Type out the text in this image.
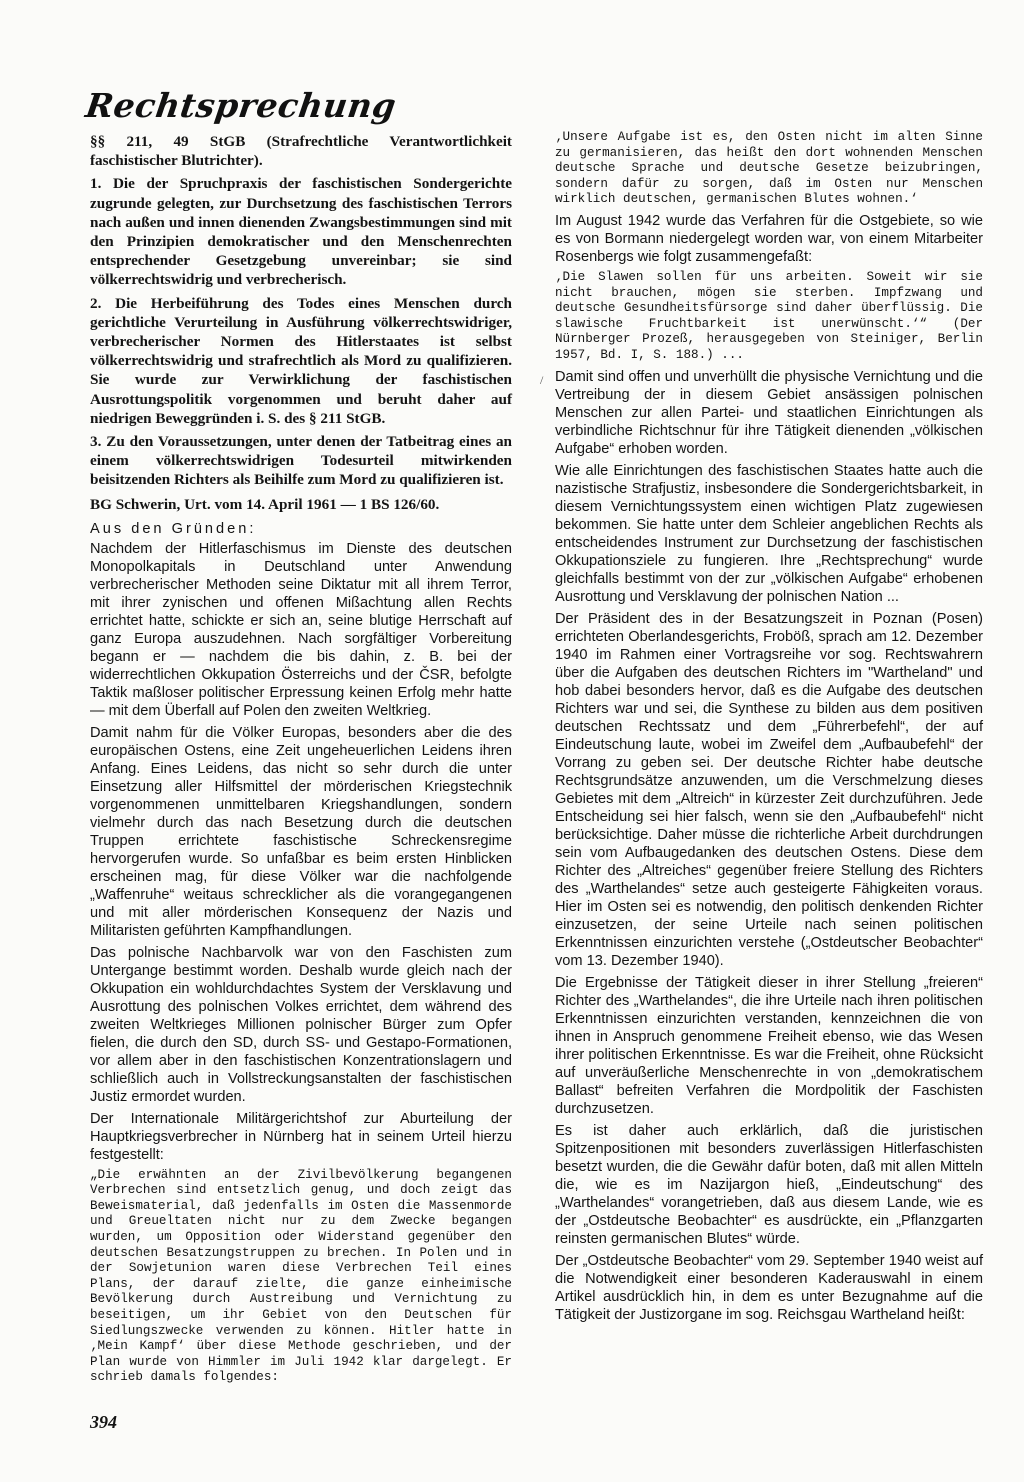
Rechtsprechung

§§ 211, 49 StGB (Strafrechtliche Verantwortlichkeit faschistischer Blutrichter).

1. Die der Spruchpraxis der faschistischen Sondergerichte zugrunde gelegten, zur Durchsetzung des faschistischen Terrors nach außen und innen dienenden Zwangsbestimmungen sind mit den Prinzipien demokratischer und den Menschenrechten entsprechender Gesetzgebung unvereinbar; sie sind völkerrechtswidrig und verbrecherisch.

2. Die Herbeiführung des Todes eines Menschen durch gerichtliche Verurteilung in Ausführung völkerrechtswidriger, verbrecherischer Normen des Hitlerstaates ist selbst völkerrechtswidrig und strafrechtlich als Mord zu qualifizieren. Sie wurde zur Verwirklichung der faschistischen Ausrottungspolitik vorgenommen und beruht daher auf niedrigen Beweggründen i. S. des § 211 StGB.

3. Zu den Voraussetzungen, unter denen der Tatbeitrag eines an einem völkerrechtswidrigen Todesurteil mitwirkenden beisitzenden Richters als Beihilfe zum Mord zu qualifizieren ist.

BG Schwerin, Urt. vom 14. April 1961 — 1 BS 126/60.
Aus den Gründen:

Nachdem der Hitlerfaschismus im Dienste des deutschen Monopolkapitals in Deutschland unter Anwendung verbrecherischer Methoden seine Diktatur mit all ihrem Terror, mit ihrer zynischen und offenen Mißachtung allen Rechts errichtet hatte, schickte er sich an, seine blutige Herrschaft auf ganz Europa auszudehnen. Nach sorgfältiger Vorbereitung begann er — nachdem die bis dahin, z. B. bei der widerrechtlichen Okkupation Österreichs und der ČSR, befolgte Taktik maßloser politischer Erpressung keinen Erfolg mehr hatte — mit dem Überfall auf Polen den zweiten Weltkrieg.

Damit nahm für die Völker Europas, besonders aber die des europäischen Ostens, eine Zeit ungeheuerlichen Leidens ihren Anfang. Eines Leidens, das nicht so sehr durch die unter Einsetzung aller Hilfsmittel der mörderischen Kriegstechnik vorgenommenen unmittelbaren Kriegshandlungen, sondern vielmehr durch das nach Besetzung durch die deutschen Truppen errichtete faschistische Schreckensregime hervorgerufen wurde. So unfaßbar es beim ersten Hinblicken erscheinen mag, für diese Völker war die nachfolgende „Waffenruhe“ weitaus schrecklicher als die vorangegangenen und mit aller mörderischen Konsequenz der Nazis und Militaristen geführten Kampfhandlungen.

Das polnische Nachbarvolk war von den Faschisten zum Untergange bestimmt worden. Deshalb wurde gleich nach der Okkupation ein wohldurchdachtes System der Versklavung und Ausrottung des polnischen Volkes errichtet, dem während des zweiten Weltkrieges Millionen polnischer Bürger zum Opfer fielen, die durch den SD, durch SS- und Gestapo-Formationen, vor allem aber in den faschistischen Konzentrationslagern und schließlich auch in Vollstreckungsanstalten der faschistischen Justiz ermordet wurden.

Der Internationale Militärgerichtshof zur Aburteilung der Hauptkriegsverbrecher in Nürnberg hat in seinem Urteil hierzu festgestellt:

„Die erwähnten an der Zivilbevölkerung begangenen Verbrechen sind entsetzlich genug, und doch zeigt das Beweismaterial, daß jedenfalls im Osten die Massenmorde und Greueltaten nicht nur zu dem Zwecke begangen wurden, um Opposition oder Widerstand gegenüber den deutschen Besatzungstruppen zu brechen. In Polen und in der Sowjetunion waren diese Verbrechen Teil eines Plans, der darauf zielte, die ganze einheimische Bevölkerung durch Austreibung und Vernichtung zu beseitigen, um ihr Gebiet von den Deutschen für Siedlungszwecke verwenden zu können. Hitler hatte in ‚Mein Kampf‘ über diese Methode geschrieben, und der Plan wurde von Himmler im Juli 1942 klar dargelegt. Er schrieb damals folgendes:

‚Unsere Aufgabe ist es, den Osten nicht im alten Sinne zu germanisieren, das heißt den dort wohnenden Menschen deutsche Sprache und deutsche Gesetze beizubringen, sondern dafür zu sorgen, daß im Osten nur Menschen wirklich deutschen, germanischen Blutes wohnen.‘

Im August 1942 wurde das Verfahren für die Ostgebiete, so wie es von Bormann niedergelegt worden war, von einem Mitarbeiter Rosenbergs wie folgt zusammengefaßt:

‚Die Slawen sollen für uns arbeiten. Soweit wir sie nicht brauchen, mögen sie sterben. Impfzwang und deutsche Gesundheitsfürsorge sind daher überflüssig. Die slawische Fruchtbarkeit ist unerwünscht.‘“ (Der Nürnberger Prozeß, herausgegeben von Steiniger, Berlin 1957, Bd. I, S. 188.) ...

Damit sind offen und unverhüllt die physische Vernichtung und die Vertreibung der in diesem Gebiet ansässigen polnischen Menschen zur allen Partei- und staatlichen Einrichtungen als verbindliche Richtschnur für ihre Tätigkeit dienenden „völkischen Aufgabe“ erhoben worden.

Wie alle Einrichtungen des faschistischen Staates hatte auch die nazistische Strafjustiz, insbesondere die Sondergerichtsbarkeit, in diesem Vernichtungssystem einen wichtigen Platz zugewiesen bekommen. Sie hatte unter dem Schleier angeblichen Rechts als entscheidendes Instrument zur Durchsetzung der faschistischen Okkupationsziele zu fungieren. Ihre „Rechtsprechung“ wurde gleichfalls bestimmt von der zur „völkischen Aufgabe“ erhobenen Ausrottung und Versklavung der polnischen Nation ...

Der Präsident des in der Besatzungszeit in Poznan (Posen) errichteten Oberlandesgerichts, Froböß, sprach am 12. Dezember 1940 im Rahmen einer Vortragsreihe vor sog. Rechtswahrern über die Aufgaben des deutschen Richters im "Wartheland" und hob dabei besonders hervor, daß es die Aufgabe des deutschen Richters war und sei, die Synthese zu bilden aus dem positiven deutschen Rechtssatz und dem „Führerbefehl“, der auf Eindeutschung laute, wobei im Zweifel dem „Aufbaubefehl“ der Vorrang zu geben sei. Der deutsche Richter habe deutsche Rechtsgrundsätze anzuwenden, um die Verschmelzung dieses Gebietes mit dem „Altreich“ in kürzester Zeit durchzuführen. Jede Entscheidung sei hier falsch, wenn sie den „Aufbaubefehl“ nicht berücksichtige. Daher müsse die richterliche Arbeit durchdrungen sein vom Aufbaugedanken des deutschen Ostens. Diese dem Richter des „Altreiches“ gegenüber freiere Stellung des Richters des „Warthelandes“ setze auch gesteigerte Fähigkeiten voraus. Hier im Osten sei es notwendig, den politisch denkenden Richter einzusetzen, der seine Urteile nach seinen politischen Erkenntnissen einzurichten verstehe („Ostdeutscher Beobachter“ vom 13. Dezember 1940).

Die Ergebnisse der Tätigkeit dieser in ihrer Stellung „freieren“ Richter des „Warthelandes“, die ihre Urteile nach ihren politischen Erkenntnissen einzurichten verstanden, kennzeichnen die von ihnen in Anspruch genommene Freiheit ebenso, wie das Wesen ihrer politischen Erkenntnisse. Es war die Freiheit, ohne Rücksicht auf unveräußerliche Menschenrechte in von „demokratischem Ballast“ befreiten Verfahren die Mordpolitik der Faschisten durchzusetzen.

Es ist daher auch erklärlich, daß die juristischen Spitzenpositionen mit besonders zuverlässigen Hitlerfaschisten besetzt wurden, die die Gewähr dafür boten, daß mit allen Mitteln die, wie es im Nazijargon hieß, „Eindeutschung“ des „Warthelandes“ vorangetrieben, daß aus diesem Lande, wie es der „Ostdeutsche Beobachter“ es ausdrückte, ein „Pflanzgarten reinsten germanischen Blutes“ würde.

Der „Ostdeutsche Beobachter“ vom 29. September 1940 weist auf die Notwendigkeit einer besonderen Kaderauswahl in einem Artikel ausdrücklich hin, in dem es unter Bezugnahme auf die Tätigkeit der Justizorgane im sog. Reichsgau Wartheland heißt:

/
394
